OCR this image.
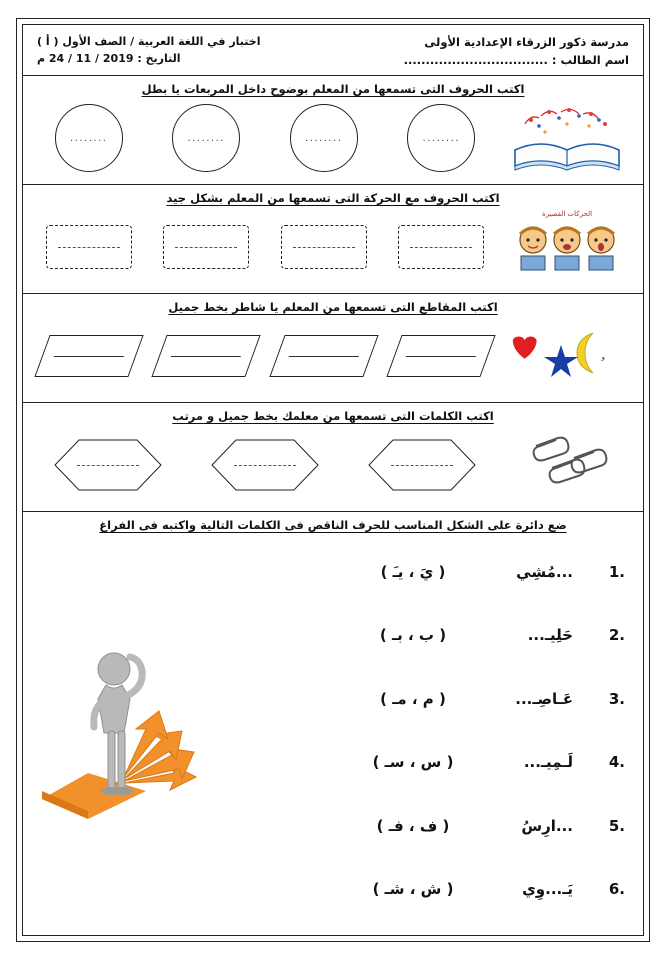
مدرسة ذكور الزرقاء الإعدادية الأولى
اسم الطالب : .................................
اختبار في اللغة العربية / الصف الأول ( أ )
التاريخ : 2019 / 11 / 24 م
اكتب الحروف التى تسمعها من المعلم بوضوح داخل المربعات يا بطل
........
........
........
........
اكتب الحروف مع الحركة التى تسمعها من المعلم بشكل جيد
الحركات القصيرة
اكتب المقاطع التى تسمعها من المعلم يا شاطر بخط جميل
و
اكتب الكلمات التى تسمعها من معلمك بخط جميل و مرتب
ضع دائرة على الشكل المناسب للحرف الناقص فى الكلمات التالية واكتبه فى الفراغ
1.
...مُشِي
( يَ ، يـَ )
2.
حَلِيـ...
( ب ، بـ )
3.
عَـاصِـ...
( م ، مـ )
4.
لَـمِيـ...
( س ، سـ )
5.
...ارِسُ
( ف ، فـ )
6.
يَـ...وِي
( ش ، شـ )
